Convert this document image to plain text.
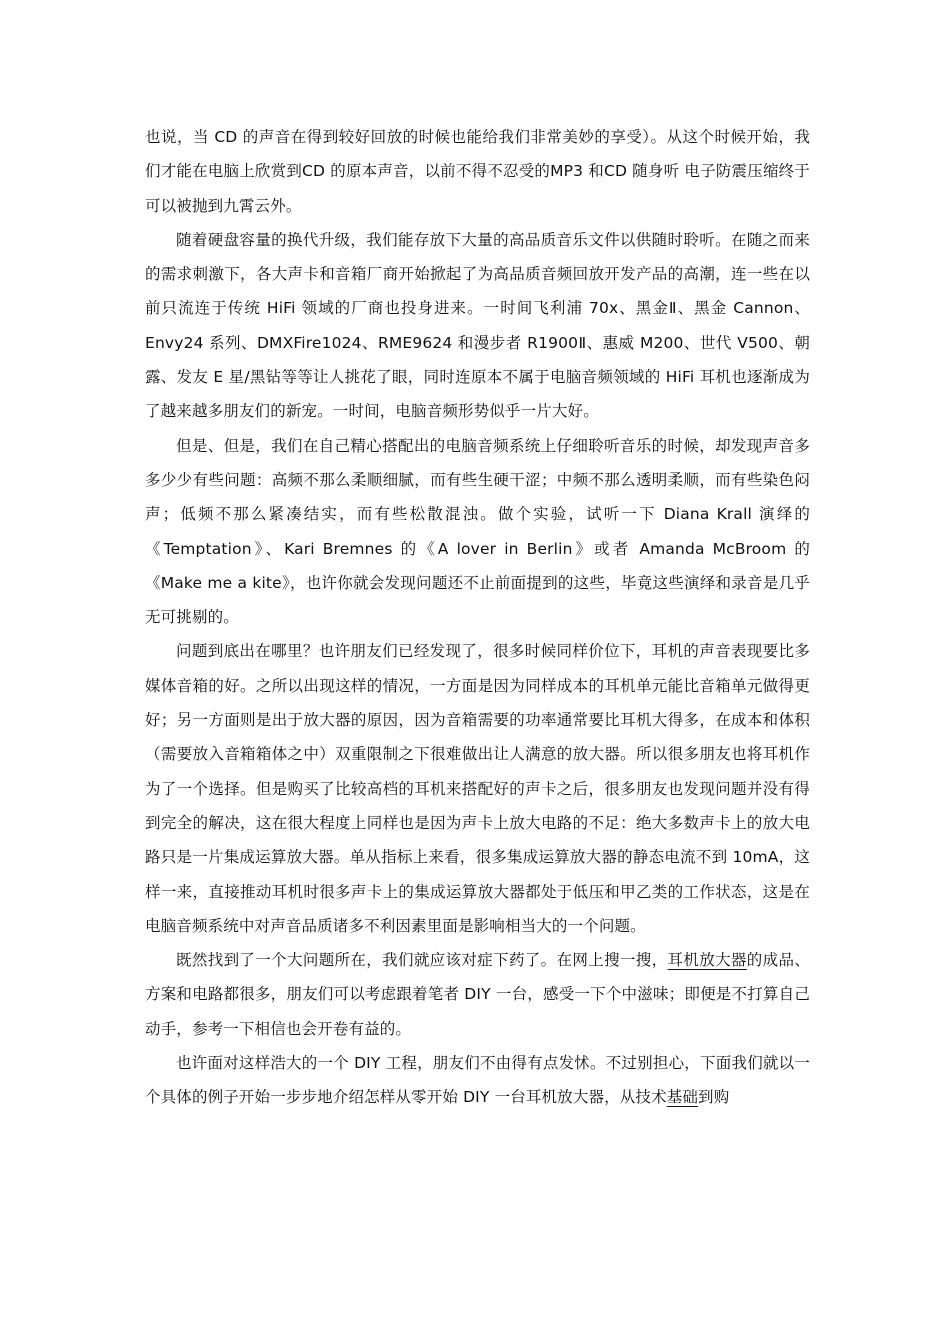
也说，当 CD 的声音在得到较好回放的时候也能给我们非常美妙的享受）。从这个时候开始，我们才能在电脑上欣赏到CD 的原本声音，以前不得不忍受的MP3 和CD 随身听 电子防震压缩终于可以被抛到九霄云外。

随着硬盘容量的换代升级，我们能存放下大量的高品质音乐文件以供随时聆听。在随之而来的需求刺激下，各大声卡和音箱厂商开始掀起了为高品质音频回放开发产品的高潮，连一些在以前只流连于传统 HiFi 领域的厂商也投身进来。一时间飞利浦 70x、黑金Ⅱ、黑金 Cannon、Envy24 系列、DMXFire1024、RME9624 和漫步者 R1900Ⅱ、惠威 M200、世代 V500、朝露、发友 E 星/黑钻等等让人挑花了眼，同时连原本不属于电脑音频领域的 HiFi 耳机也逐渐成为了越来越多朋友们的新宠。一时间，电脑音频形势似乎一片大好。

但是、但是，我们在自己精心搭配出的电脑音频系统上仔细聆听音乐的时候，却发现声音多多少少有些问题：高频不那么柔顺细腻，而有些生硬干涩；中频不那么透明柔顺，而有些染色闷声；低频不那么紧凑结实，而有些松散混浊。做个实验，试听一下 Diana Krall 演绎的《Temptation》、Kari Bremnes 的《A lover in Berlin》或者 Amanda McBroom 的《Make me a kite》，也许你就会发现问题还不止前面提到的这些，毕竟这些演绎和录音是几乎无可挑剔的。

问题到底出在哪里？也许朋友们已经发现了，很多时候同样价位下，耳机的声音表现要比多媒体音箱的好。之所以出现这样的情况，一方面是因为同样成本的耳机单元能比音箱单元做得更好；另一方面则是出于放大器的原因，因为音箱需要的功率通常要比耳机大得多，在成本和体积（需要放入音箱箱体之中）双重限制之下很难做出让人满意的放大器。所以很多朋友也将耳机作为了一个选择。但是购买了比较高档的耳机来搭配好的声卡之后，很多朋友也发现问题并没有得到完全的解决，这在很大程度上同样也是因为声卡上放大电路的不足：绝大多数声卡上的放大电路只是一片集成运算放大器。单从指标上来看，很多集成运算放大器的静态电流不到 10mA，这样一来，直接推动耳机时很多声卡上的集成运算放大器都处于低压和甲乙类的工作状态，这是在电脑音频系统中对声音品质诸多不利因素里面是影响相当大的一个问题。

既然找到了一个大问题所在，我们就应该对症下药了。在网上搜一搜，耳机放大器的成品、方案和电路都很多，朋友们可以考虑跟着笔者 DIY 一台，感受一下个中滋味；即便是不打算自己动手，参考一下相信也会开卷有益的。

也许面对这样浩大的一个 DIY 工程，朋友们不由得有点发怵。不过别担心，下面我们就以一个具体的例子开始一步步地介绍怎样从零开始 DIY 一台耳机放大器，从技术基础到购
